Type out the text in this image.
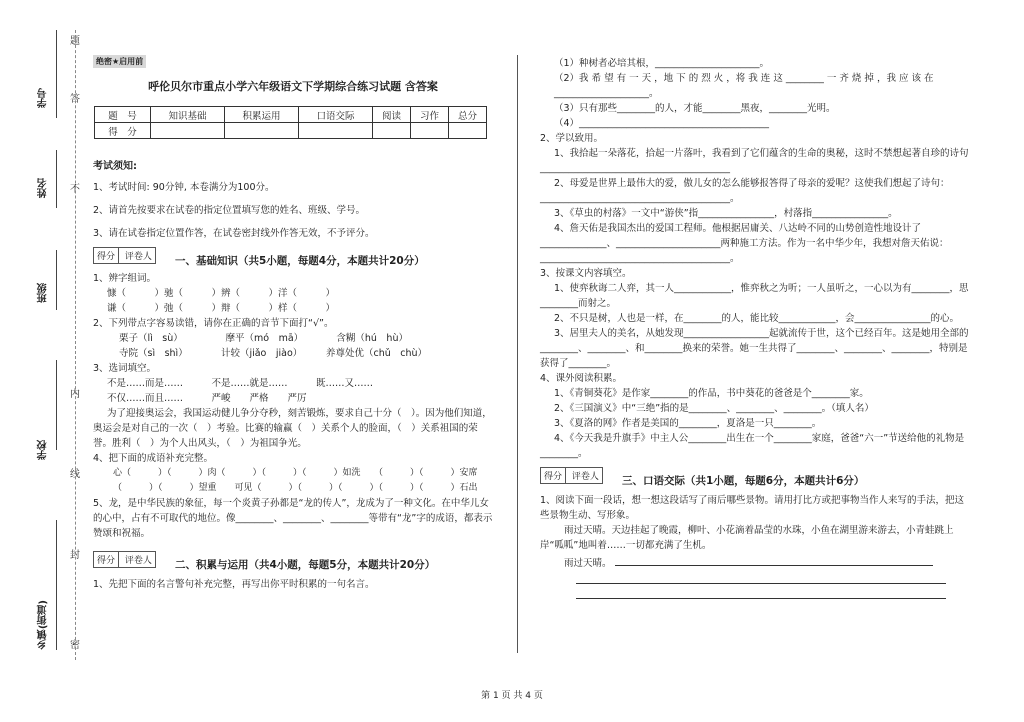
题
学号 答
姓名 不
班级
内
学校
线
封
乡镇(街道) 密
绝密★启用前
呼伦贝尔市重点小学六年级语文下学期综合练习试题 含答案
题　号	知识基础	积累运用	口语交际	阅读	习作	总分
得　分						
考试须知:
1、考试时间: 90分钟, 本卷满分为100分。
2、请首先按要求在试卷的指定位置填写您的姓名、班级、学号。
3、请在试卷指定位置作答，在试卷密封线外作答无效，不予评分。
得分 评卷人 一、基础知识（共5小题，每题4分，本题共计20分）
1、辨字组词。
慷（　　　）驰（　　　）辨（　　　）洋（　　　）
谦（　　　）弛（　　　）辩（　　　）样（　　　）
2、下列带点字容易读错，请你在正确的音节下面打“√”。
栗子（lì　sù）　　　　　摩平（mó　mā）　　　　含糊（hú　hù）
寺院（sì　shì）　　　　计较（jiǎo　jiào）　　　养尊处优（chǔ　chù）
3、选词填空。
不是……而是……　　　不是……就是……　　　既……又……
不仅……而且……　　　严峻　　严格　　严厉
为了迎接奥运会，我国运动健儿争分夺秒，刻苦锻炼，要求自己十分（　）。因为他们知道，奥运会是对自己的一次（　）考验。比赛的输赢（　）关系个人的脸面，（　）关系祖国的荣誉。胜利（　）为个人出风头，（　）为祖国争光。
4、把下面的成语补充完整。
心（　　　）（　　　）肉（　　　）（　　　）（　　　）如洗　　（　　　）（　　　）安席
（　　　）（　　　）望重　　可见（　　　）（　　　）（　　　）（　　　）（　　　）石出
5、龙，是中华民族的象征，每一个炎黄子孙都是“龙的传人”，龙成为了一种文化。在中华儿女的心中，占有不可取代的地位。像________、________、________等带有“龙”字的成语，都表示赞颂和祝福。
得分 评卷人 二、积累与运用（共4小题，每题5分，本题共计20分）
1、先把下面的名言警句补充完整，再写出你平时积累的一句名言。
（1）种树者必培其根，______________________。
（2）我 希 望 有 一 天 ，地 下 的 烈 火 ，将 我 连 这 ________ 一 齐 烧 掉 ，我 应 该 在 ____________________。
（3）只有那些________的人，才能________黑夜，________光明。
（4）________________________________________
2、学以致用。
1、我拾起一朵落花，拾起一片落叶，我看到了它们蕴含的生命的奥秘，这时不禁想起著自珍的诗句________________________________________
2、母爱是世界上最伟大的爱，傲儿女的怎么能够报答得了母亲的爱呢？这使我们想起了诗句：________________________________________。
3、《草虫的村落》一文中“游侠”指________________，村落指________________。
4、詹天佑是我国杰出的爱国工程师。他根据居庸关、八达岭不同的山势创造性地设计了______________、______________________两种施工方法。作为一名中华少年，我想对詹天佑说：________________________________________。
3、按课文内容填空。
1、使弈秋诲二人弈，其一人____________，惟弈秋之为听；一人虽听之，一心以为有________，思________而射之。
2、不只是树，人也是一样，在________的人，能比较____________，会________________的心。
3、居里夫人的美名，从她发现__________________起就流传于世，这个已经百年。这是她用全部的________、________、和________换来的荣誉。她一生共得了________、________、________，特别是获得了________。
4、课外阅读积累。
1、《青铜葵花》是作家________的作品，书中葵花的爸爸是个________家。
2、《三国演义》中“三绝”指的是________、________、________。（填人名）
3、《夏洛的网》作者是美国的________，夏洛是一只________。
4、《今天我是升旗手》中主人公________出生在一个________家庭，爸爸“六一”节送给他的礼物是________。
得分 评卷人 三、口语交际（共1小题，每题6分，本题共计6分）
1、阅读下面一段话，想一想这段话写了雨后哪些景物。请用打比方或把事物当作人来写的手法，把这些景物生动、写形象。
雨过天晴。天边挂起了晚霞，柳叶、小花滴着晶莹的水珠，小鱼在湖里游来游去，小青蛙跳上岸“呱呱”地叫着……一切都充满了生机。
雨过天晴。
第 1 页 共 4 页
